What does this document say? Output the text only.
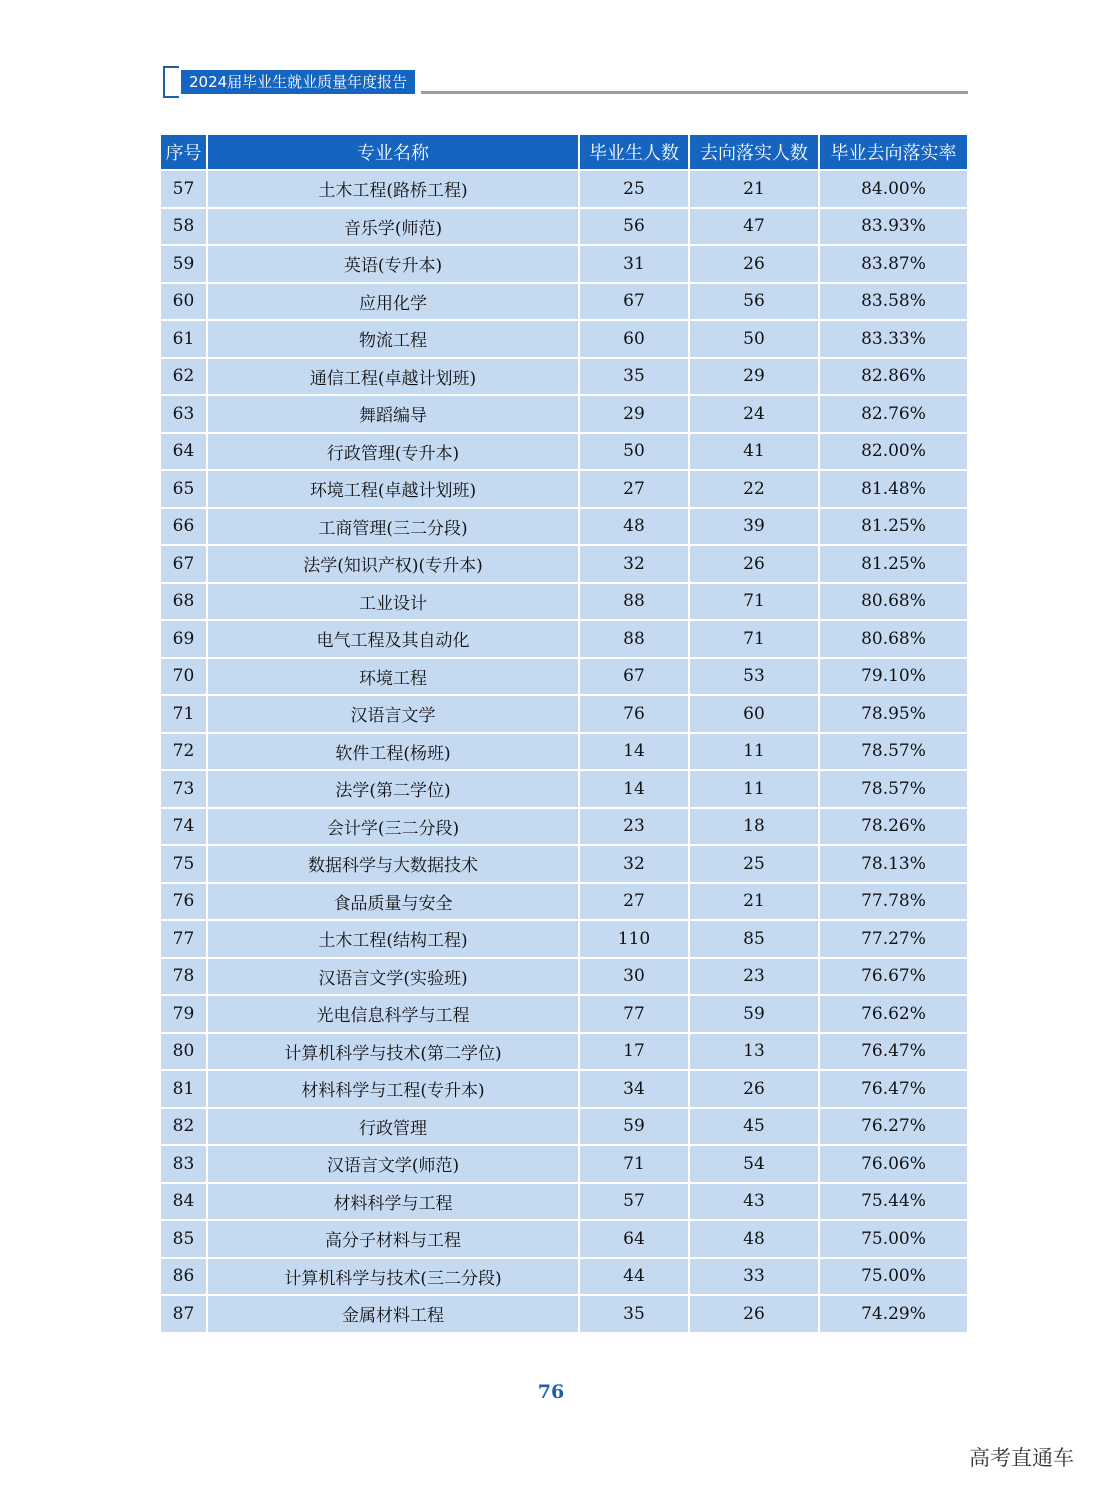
2024届毕业生就业质量年度报告
序号	专业名称	毕业生人数	去向落实人数	毕业去向落实率
57	土木工程(路桥工程)	25	21	84.00%
58	音乐学(师范)	56	47	83.93%
59	英语(专升本)	31	26	83.87%
60	应用化学	67	56	83.58%
61	物流工程	60	50	83.33%
62	通信工程(卓越计划班)	35	29	82.86%
63	舞蹈编导	29	24	82.76%
64	行政管理(专升本)	50	41	82.00%
65	环境工程(卓越计划班)	27	22	81.48%
66	工商管理(三二分段)	48	39	81.25%
67	法学(知识产权)(专升本)	32	26	81.25%
68	工业设计	88	71	80.68%
69	电气工程及其自动化	88	71	80.68%
70	环境工程	67	53	79.10%
71	汉语言文学	76	60	78.95%
72	软件工程(杨班)	14	11	78.57%
73	法学(第二学位)	14	11	78.57%
74	会计学(三二分段)	23	18	78.26%
75	数据科学与大数据技术	32	25	78.13%
76	食品质量与安全	27	21	77.78%
77	土木工程(结构工程)	110	85	77.27%
78	汉语言文学(实验班)	30	23	76.67%
79	光电信息科学与工程	77	59	76.62%
80	计算机科学与技术(第二学位)	17	13	76.47%
81	材料科学与工程(专升本)	34	26	76.47%
82	行政管理	59	45	76.27%
83	汉语言文学(师范)	71	54	76.06%
84	材料科学与工程	57	43	75.44%
85	高分子材料与工程	64	48	75.00%
86	计算机科学与技术(三二分段)	44	33	75.00%
87	金属材料工程	35	26	74.29%
76
高考直通车
